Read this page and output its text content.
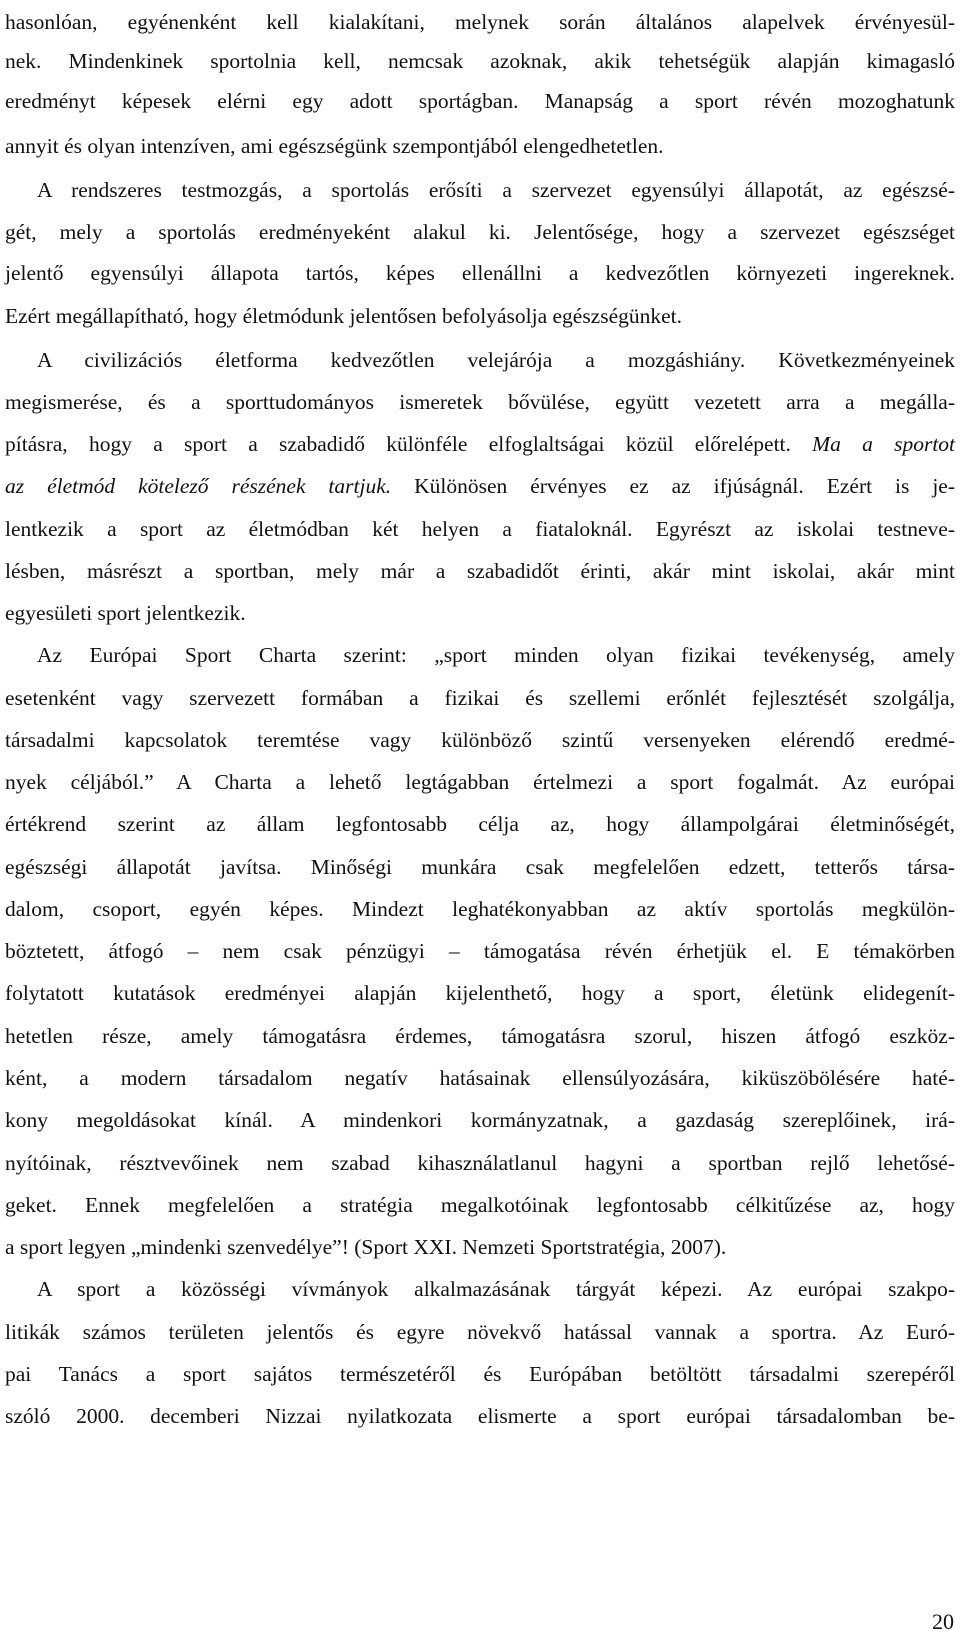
hasonlóan, egyénenként kell kialakítani, melynek során általános alapelvek érvényesül-
nek. Mindenkinek sportolnia kell, nemcsak azoknak, akik tehetségük alapján kimagasló
eredményt képesek elérni egy adott sportágban. Manapság a sport révén mozoghatunk
annyit és olyan intenzíven, ami egészségünk szempontjából elengedhetetlen.
A rendszeres testmozgás, a sportolás erősíti a szervezet egyensúlyi állapotát, az egészsé-
gét, mely a sportolás eredményeként alakul ki. Jelentősége, hogy a szervezet egészséget
jelentő egyensúlyi állapota tartós, képes ellenállni a kedvezőtlen környezeti ingereknek.
Ezért megállapítható, hogy életmódunk jelentősen befolyásolja egészségünket.
A civilizációs életforma kedvezőtlen velejárója a mozgáshiány. Következményeinek
megismerése, és a sporttudományos ismeretek bővülése, együtt vezetett arra a megálla-
pításra, hogy a sport a szabadidő különféle elfoglaltságai közül előrelépett. Ma a sportot
az életmód kötelező részének tartjuk. Különösen érvényes ez az ifjúságnál. Ezért is je-
lentkezik a sport az életmódban két helyen a fiataloknál. Egyrészt az iskolai testneve-
lésben, másrészt a sportban, mely már a szabadidőt érinti, akár mint iskolai, akár mint
egyesületi sport jelentkezik.
Az Európai Sport Charta szerint: „sport minden olyan fizikai tevékenység, amely
esetenként vagy szervezett formában a fizikai és szellemi erőnlét fejlesztését szolgálja,
társadalmi kapcsolatok teremtése vagy különböző szintű versenyeken elérendő eredmé-
nyek céljából.” A Charta a lehető legtágabban értelmezi a sport fogalmát. Az európai
értékrend szerint az állam legfontosabb célja az, hogy állampolgárai életminőségét,
egészségi állapotát javítsa. Minőségi munkára csak megfelelően edzett, tetterős társa-
dalom, csoport, egyén képes. Mindezt leghatékonyabban az aktív sportolás megkülön-
böztetett, átfogó – nem csak pénzügyi – támogatása révén érhetjük el. E témakörben
folytatott kutatások eredményei alapján kijelenthető, hogy a sport, életünk elidegenít-
hetetlen része, amely támogatásra érdemes, támogatásra szorul, hiszen átfogó eszköz-
ként, a modern társadalom negatív hatásainak ellensúlyozására, kiküszöbölésére haté-
kony megoldásokat kínál. A mindenkori kormányzatnak, a gazdaság szereplőinek, irá-
nyítóinak, résztvevőinek nem szabad kihasználatlanul hagyni a sportban rejlő lehetősé-
geket. Ennek megfelelően a stratégia megalkotóinak legfontosabb célkitűzése az, hogy
a sport legyen „mindenki szenvedélye”! (Sport XXI. Nemzeti Sportstratégia, 2007).
A sport a közösségi vívmányok alkalmazásának tárgyát képezi. Az európai szakpo-
litikák számos területen jelentős és egyre növekvő hatással vannak a sportra. Az Euró-
pai Tanács a sport sajátos természetéről és Európában betöltött társadalmi szerepéről
szóló 2000. decemberi Nizzai nyilatkozata elismerte a sport európai társadalomban be-
20
